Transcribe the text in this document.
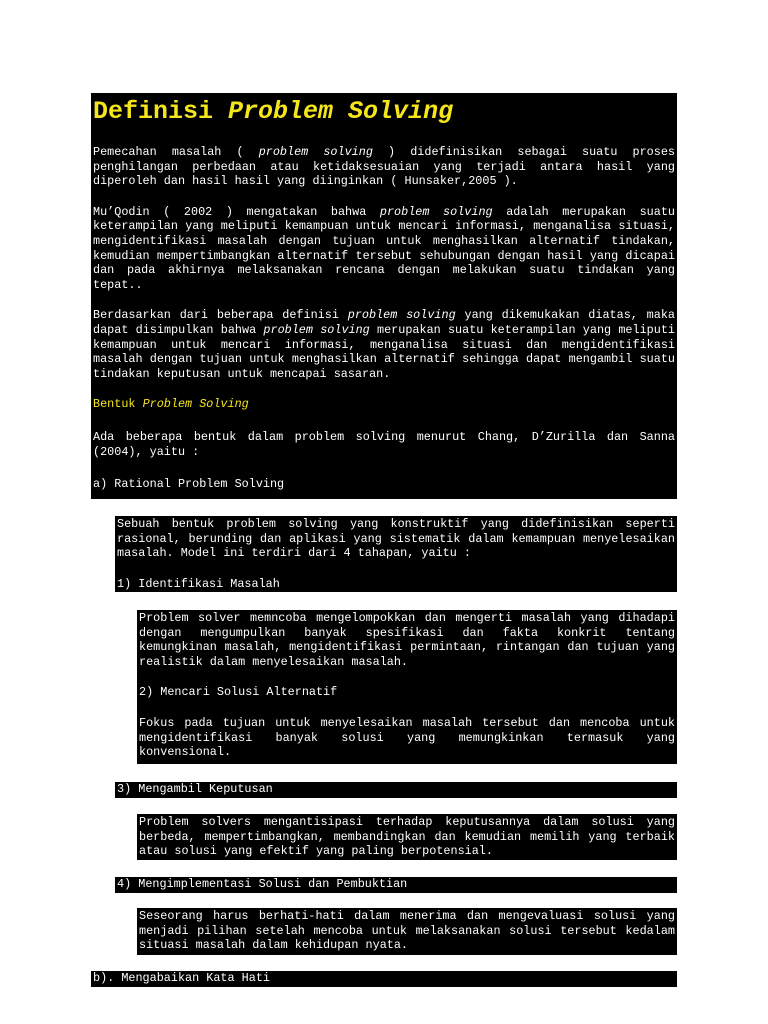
Definisi Problem Solving

Pemecahan masalah ( problem solving ) didefinisikan sebagai suatu proses penghilangan perbedaan atau ketidaksesuaian yang terjadi antara hasil yang diperoleh dan hasil hasil yang diinginkan ( Hunsaker,2005 ).

Mu’Qodin ( 2002 ) mengatakan bahwa problem solving adalah merupakan suatu keterampilan yang meliputi kemampuan untuk mencari informasi, menganalisa situasi, mengidentifikasi masalah dengan tujuan untuk menghasilkan alternatif tindakan, kemudian mempertimbangkan alternatif tersebut sehubungan dengan hasil yang dicapai dan pada akhirnya melaksanakan rencana dengan melakukan suatu tindakan yang tepat..

Berdasarkan dari beberapa definisi problem solving yang dikemukakan diatas, maka dapat disimpulkan bahwa problem solving merupakan suatu keterampilan yang meliputi kemampuan untuk mencari informasi, menganalisa situasi dan mengidentifikasi masalah dengan tujuan untuk menghasilkan alternatif sehingga dapat mengambil suatu tindakan keputusan untuk mencapai sasaran.

Bentuk Problem Solving

Ada beberapa bentuk dalam problem solving menurut Chang, D’Zurilla dan Sanna (2004), yaitu :

a) Rational Problem Solving

Sebuah bentuk problem solving yang konstruktif yang didefinisikan seperti rasional, berunding dan aplikasi yang sistematik dalam kemampuan menyelesaikan masalah. Model ini terdiri dari 4 tahapan, yaitu :

1) Identifikasi Masalah

Problem solver memncoba mengelompokkan dan mengerti masalah yang dihadapi dengan mengumpulkan banyak spesifikasi dan fakta konkrit tentang kemungkinan masalah, mengidentifikasi permintaan, rintangan dan tujuan yang realistik dalam menyelesaikan masalah.

2) Mencari Solusi Alternatif

Fokus pada tujuan untuk menyelesaikan masalah tersebut dan mencoba untuk mengidentifikasi banyak solusi yang memungkinkan termasuk yang konvensional.

3) Mengambil Keputusan

Problem solvers mengantisipasi terhadap keputusannya dalam solusi yang berbeda, mempertimbangkan, membandingkan dan kemudian memilih yang terbaik atau solusi yang efektif yang paling berpotensial.

4) Mengimplementasi Solusi dan Pembuktian

Seseorang harus berhati-hati dalam menerima dan mengevaluasi solusi yang menjadi pilihan setelah mencoba untuk melaksanakan solusi tersebut kedalam situasi masalah dalam kehidupan nyata.

b). Mengabaikan Kata Hati
